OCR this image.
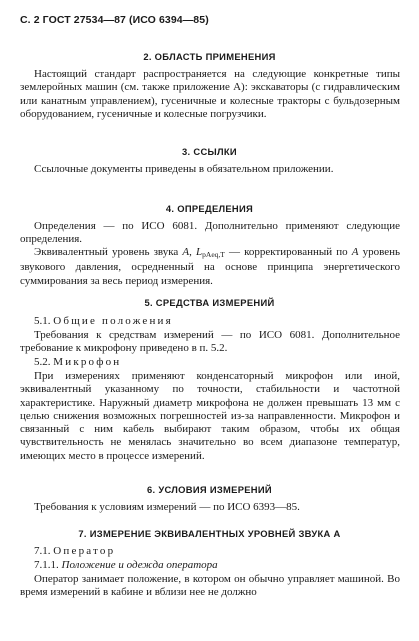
С. 2 ГОСТ 27534—87 (ИСО 6394—85)
2. ОБЛАСТЬ ПРИМЕНЕНИЯ
Настоящий стандарт распространяется на следующие конкретные типы землеройных машин (см. также приложение А): экскаваторы (с гидравлическим или канатным управлением), гусеничные и колесные тракторы с бульдозерным оборудованием, гусеничные и колесные погрузчики.
3. ССЫЛКИ
Ссылочные документы приведены в обязательном приложении.
4. ОПРЕДЕЛЕНИЯ
Определения — по ИСО 6081. Дополнительно применяют следующие определения.
Эквивалентный уровень звука A, LpAeq,T — корректированный по A уровень звукового давления, осредненный на основе принципа энергетического суммирования за весь период измерения.
5. СРЕДСТВА ИЗМЕРЕНИЙ
5.1. Общие положения
Требования к средствам измерений — по ИСО 6081. Дополнительное требование к микрофону приведено в п. 5.2.
5.2. Микрофон
При измерениях применяют конденсаторный микрофон или иной, эквивалентный указанному по точности, стабильности и частотной характеристике. Наружный диаметр микрофона не должен превышать 13 мм с целью снижения возможных погрешностей из-за направленности. Микрофон и связанный с ним кабель выбирают таким образом, чтобы их общая чувствительность не менялась значительно во всем диапазоне температур, имеющих место в процессе измерений.
6. УСЛОВИЯ ИЗМЕРЕНИЙ
Требования к условиям измерений — по ИСО 6393—85.
7. ИЗМЕРЕНИЕ ЭКВИВАЛЕНТНЫХ УРОВНЕЙ ЗВУКА A
7.1. Оператор
7.1.1. Положение и одежда оператора
Оператор занимает положение, в котором он обычно управляет машиной. Во время измерений в кабине и вблизи нее не должно
